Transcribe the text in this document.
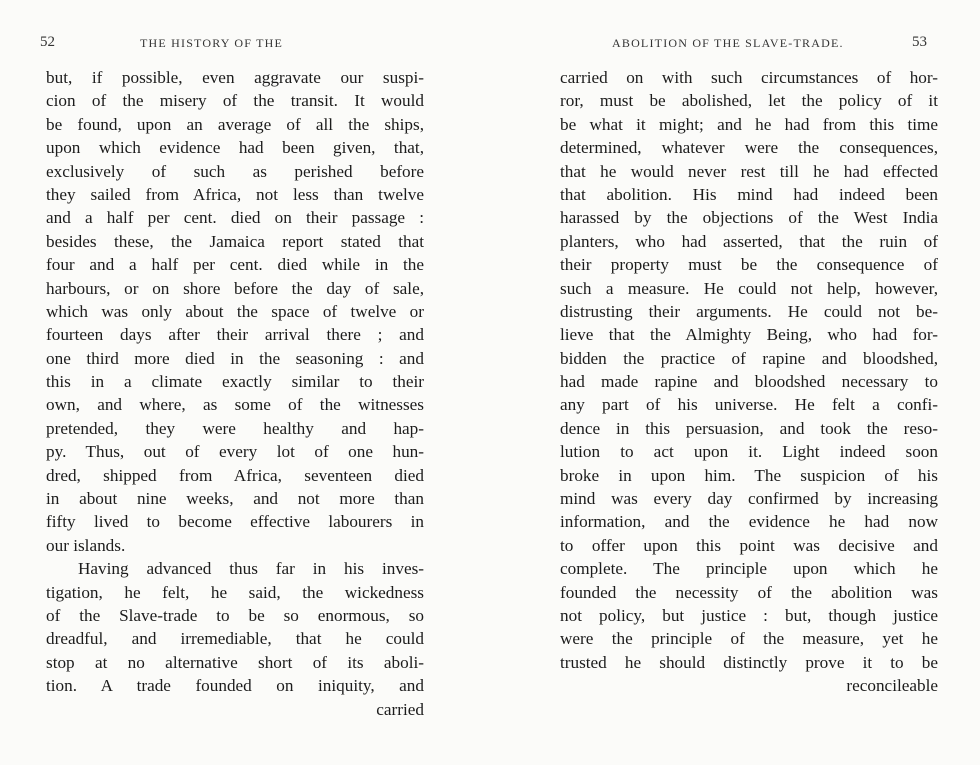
52	THE HISTORY OF THE
but, if possible, even aggravate our suspi-
cion of the misery of the transit. It would
be found, upon an average of all the ships,
upon which evidence had been given, that,
exclusively of such as perished before
they sailed from Africa, not less than twelve
and a half per cent. died on their passage :
besides these, the Jamaica report stated that
four and a half per cent. died while in the
harbours, or on shore before the day of sale,
which was only about the space of twelve or
fourteen days after their arrival there ; and
one third more died in the seasoning : and
this in a climate exactly similar to their
own, and where, as some of the witnesses
pretended, they were healthy and hap-
py. Thus, out of every lot of one hun-
dred, shipped from Africa, seventeen died
in about nine weeks, and not more than
fifty lived to become effective labourers in
our islands.
Having advanced thus far in his inves-
tigation, he felt, he said, the wickedness
of the Slave-trade to be so enormous, so
dreadful, and irremediable, that he could
stop at no alternative short of its aboli-
tion. A trade founded on iniquity, and
carried
ABOLITION OF THE SLAVE-TRADE.	53
carried on with such circumstances of hor-
ror, must be abolished, let the policy of it
be what it might; and he had from this time
determined, whatever were the consequences,
that he would never rest till he had effected
that abolition. His mind had indeed been
harassed by the objections of the West India
planters, who had asserted, that the ruin of
their property must be the consequence of
such a measure. He could not help, however,
distrusting their arguments. He could not be-
lieve that the Almighty Being, who had for-
bidden the practice of rapine and bloodshed,
had made rapine and bloodshed necessary to
any part of his universe. He felt a confi-
dence in this persuasion, and took the reso-
lution to act upon it. Light indeed soon
broke in upon him. The suspicion of his
mind was every day confirmed by increasing
information, and the evidence he had now
to offer upon this point was decisive and
complete. The principle upon which he
founded the necessity of the abolition was
not policy, but justice : but, though justice
were the principle of the measure, yet he
trusted he should distinctly prove it to be
reconcileable
